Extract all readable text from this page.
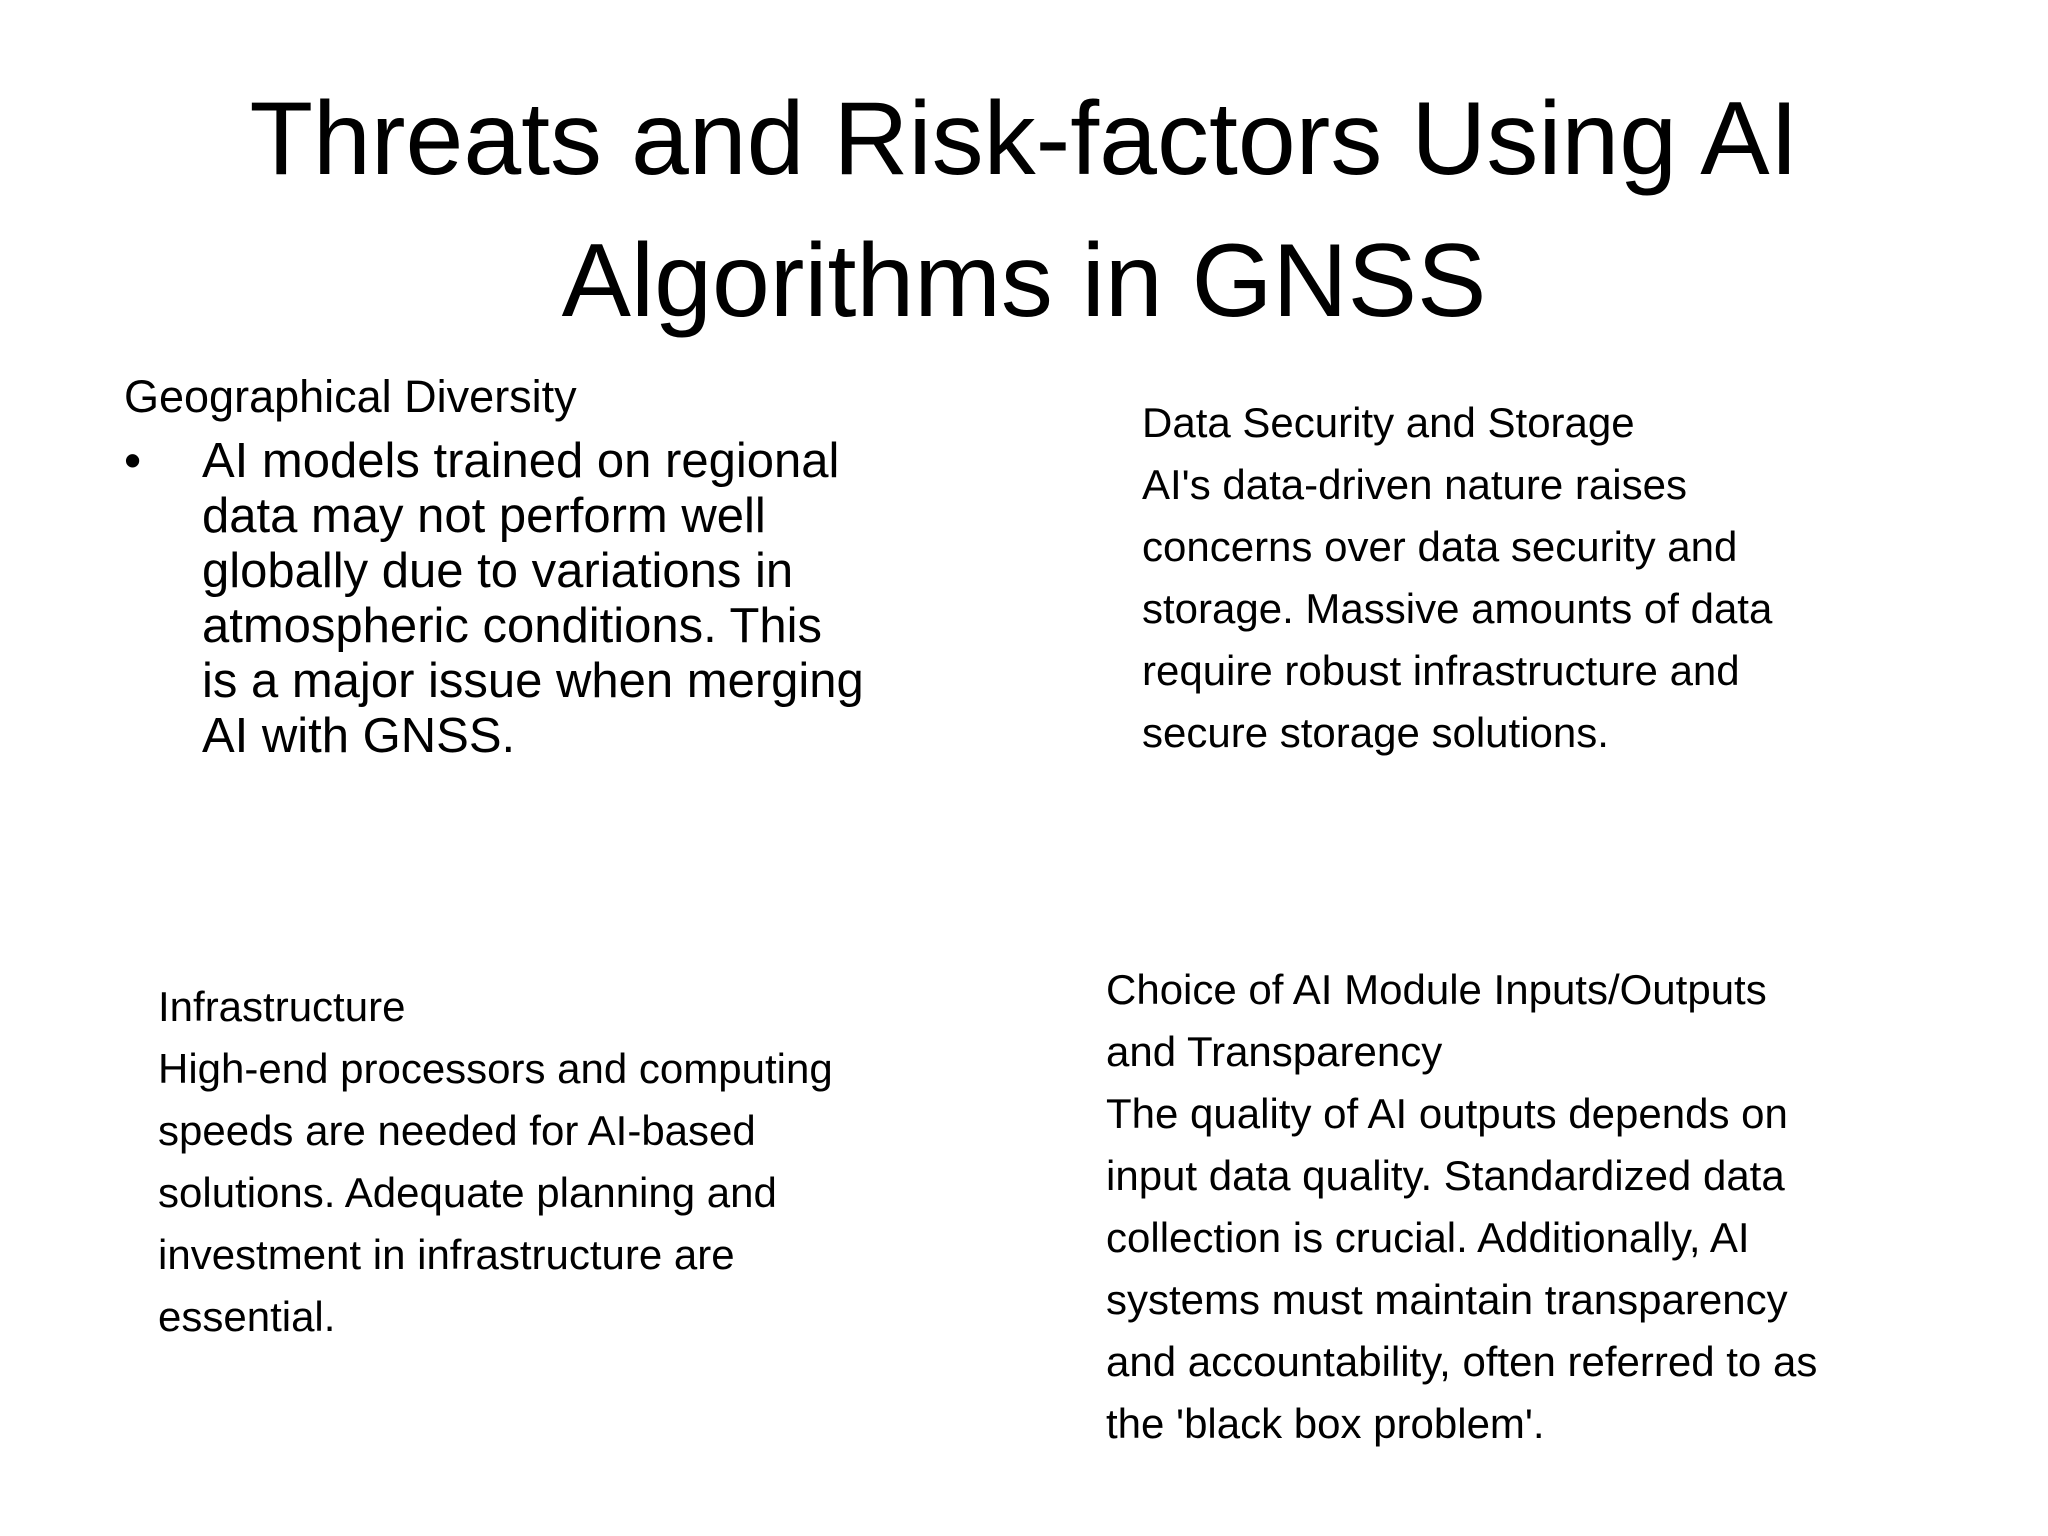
Threats and Risk-factors Using AI
Algorithms in GNSS

Geographical Diversity

• AI models trained on regional
data may not perform well
globally due to variations in
atmospheric conditions. This
is a major issue when merging
AI with GNSS.

Data Security and Storage

AI's data-driven nature raises

concerns over data security and

storage. Massive amounts of data

require robust infrastructure and

secure storage solutions.

Infrastructure

High-end processors and computing

speeds are needed for AI-based

solutions. Adequate planning and

investment in infrastructure are

essential.

Choice of AI Module Inputs/Outputs

and Transparency

The quality of AI outputs depends on

input data quality. Standardized data

collection is crucial. Additionally, AI

systems must maintain transparency

and accountability, often referred to as

the 'black box problem'.
